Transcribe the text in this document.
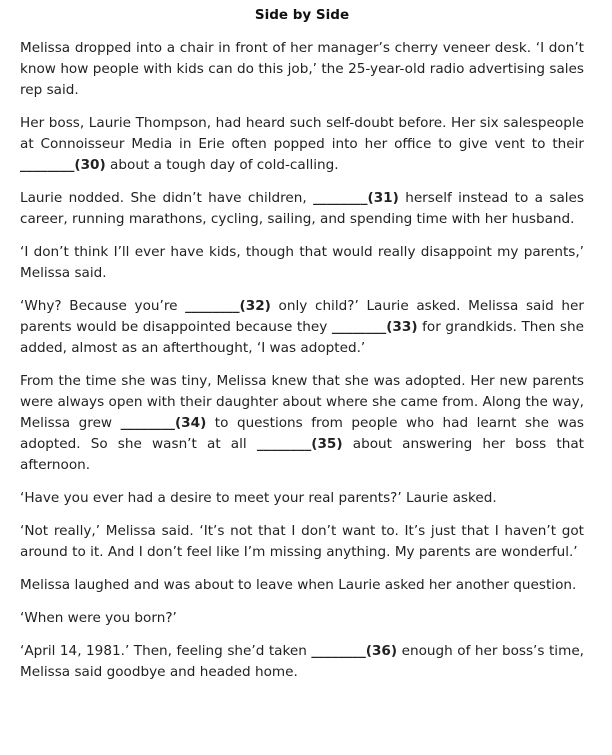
Side by Side

Melissa dropped into a chair in front of her manager’s cherry veneer desk. ‘I don’t know how people with kids can do this job,’ the 25-year-old radio advertising sales rep said.

Her boss, Laurie Thompson, had heard such self-doubt before. Her six salespeople at Connoisseur Media in Erie often popped into her office to give vent to their ________(30) about a tough day of cold-calling.

Laurie nodded. She didn’t have children, ________(31) herself instead to a sales career, running marathons, cycling, sailing, and spending time with her husband.

‘I don’t think I’ll ever have kids, though that would really disappoint my parents,’ Melissa said.

‘Why? Because you’re ________(32) only child?’ Laurie asked. Melissa said her parents would be disappointed because they ________(33) for grandkids. Then she added, almost as an afterthought, ‘I was adopted.’

From the time she was tiny, Melissa knew that she was adopted. Her new parents were always open with their daughter about where she came from. Along the way, Melissa grew ________(34) to questions from people who had learnt she was adopted. So she wasn’t at all ________(35) about answering her boss that afternoon.

‘Have you ever had a desire to meet your real parents?’ Laurie asked.

‘Not really,’ Melissa said. ‘It’s not that I don’t want to. It’s just that I haven’t got around to it. And I don’t feel like I’m missing anything. My parents are wonderful.’

Melissa laughed and was about to leave when Laurie asked her another question.

‘When were you born?’

‘April 14, 1981.’ Then, feeling she’d taken ________(36) enough of her boss’s time, Melissa said goodbye and headed home.
